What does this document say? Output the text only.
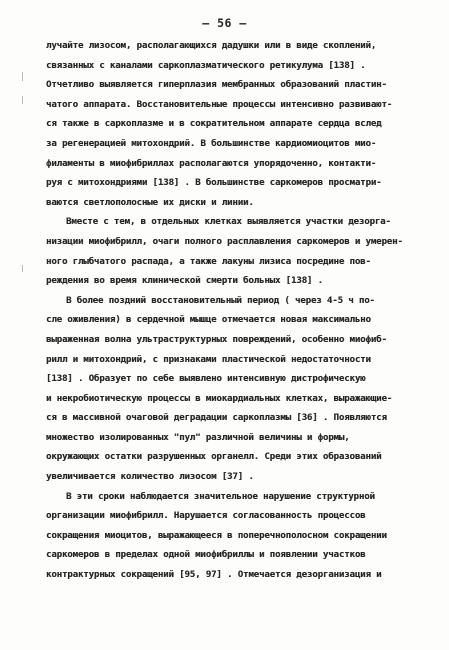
– 56 –
лучайте лизосом, располагающихся дадушки или в виде скоплений,
связанных с каналами саркоплазматического ретикулума [138] .
Отчетливо выявляется гиперплазия мембранных образований пластин-
чатого аппарата. Восстановительные процессы интенсивно развивают-
ся также в саркоплазме и в сократительном аппарате сердца вслед
за регенерацией митохондрий. В большинстве кардиомиоцитов мио-
филаменты в миофибриллах располагаются упорядоченно, контакти-
руя с митохондриями [138] . В большинстве саркомеров просматри-
ваются светлополосные их диски и линии.
Вместе с тем, в отдельных клетках выявляется участки дезорга-
низации миофибрилл, очаги полного расплавления саркомеров и умерен-
ного глыбчатого распада, а также лакуны лизиса посредине пов-
реждения во время клинической смерти больных [138] .
В более поздний восстановительный период ( через 4-5 ч по-
сле оживления) в сердечной мышце отмечается новая максимально
выраженная волна ультраструктурных повреждений, особенно миофиб-
рилл и митохондрий, с признаками пластической недостаточности
[138] . Образует по себе выявлено интенсивную дистрофическую
и некробиотическую процессы в миокардиальных клетках, выражающие-
ся в массивной очаговой деградации саркоплазмы [36] . Появляются
множество изолированных "пул" различной величины и формы,
окружающих остатки разрушенных органелл. Среди этих образований
увеличивается количество лизосом [37] .
В эти сроки наблюдается значительное нарушение структурной
организации миофибрилл. Нарушается согласованность процессов
сокращения миоцитов, выражающееся в поперечнополосном сокращении
саркомеров в пределах одной миофибриллы и появлении участков
контрактурных сокращений [95, 97] . Отмечается дезорганизация и
